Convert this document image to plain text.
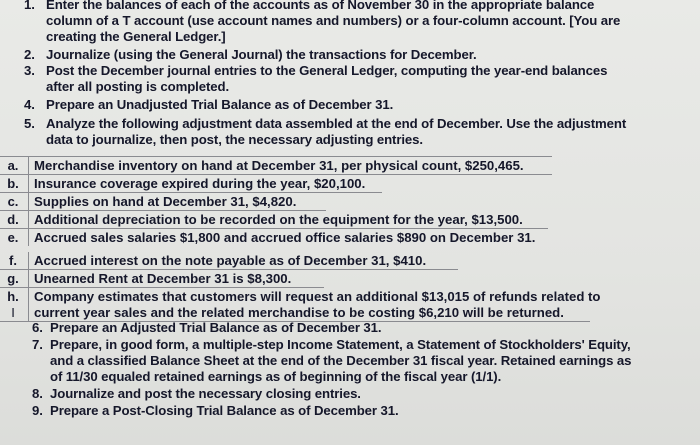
1. Enter the balances of each of the accounts as of November 30 in the appropriate balance
column of a T account (use account names and numbers) or a four-column account. [You are
creating the General Ledger.]
2. Journalize (using the General Journal) the transactions for December.
3. Post the December journal entries to the General Ledger, computing the year-end balances
after all posting is completed.
4. Prepare an Unadjusted Trial Balance as of December 31.
5. Analyze the following adjustment data assembled at the end of December. Use the adjustment
data to journalize, then post, the necessary adjusting entries.
a.	Merchandise inventory on hand at December 31, per physical count, $250,465.
b.	Insurance coverage expired during the year, $20,100.
c.	Supplies on hand at December 31, $4,820.
d.	Additional depreciation to be recorded on the equipment for the year, $13,500.
e.	Accrued sales salaries $1,800 and accrued office salaries $890 on December 31.
f.	Accrued interest on the note payable as of December 31, $410.
g.	Unearned Rent at December 31 is $8,300.
h.	Company estimates that customers will request an additional $13,015 of refunds related to
I	current year sales and the related merchandise to be costing $6,210 will be returned.
6. Prepare an Adjusted Trial Balance as of December 31.
7. Prepare, in good form, a multiple-step Income Statement, a Statement of Stockholders' Equity,
and a classified Balance Sheet at the end of the December 31 fiscal year. Retained earnings as
of 11/30 equaled retained earnings as of beginning of the fiscal year (1/1).
8. Journalize and post the necessary closing entries.
9. Prepare a Post-Closing Trial Balance as of December 31.
